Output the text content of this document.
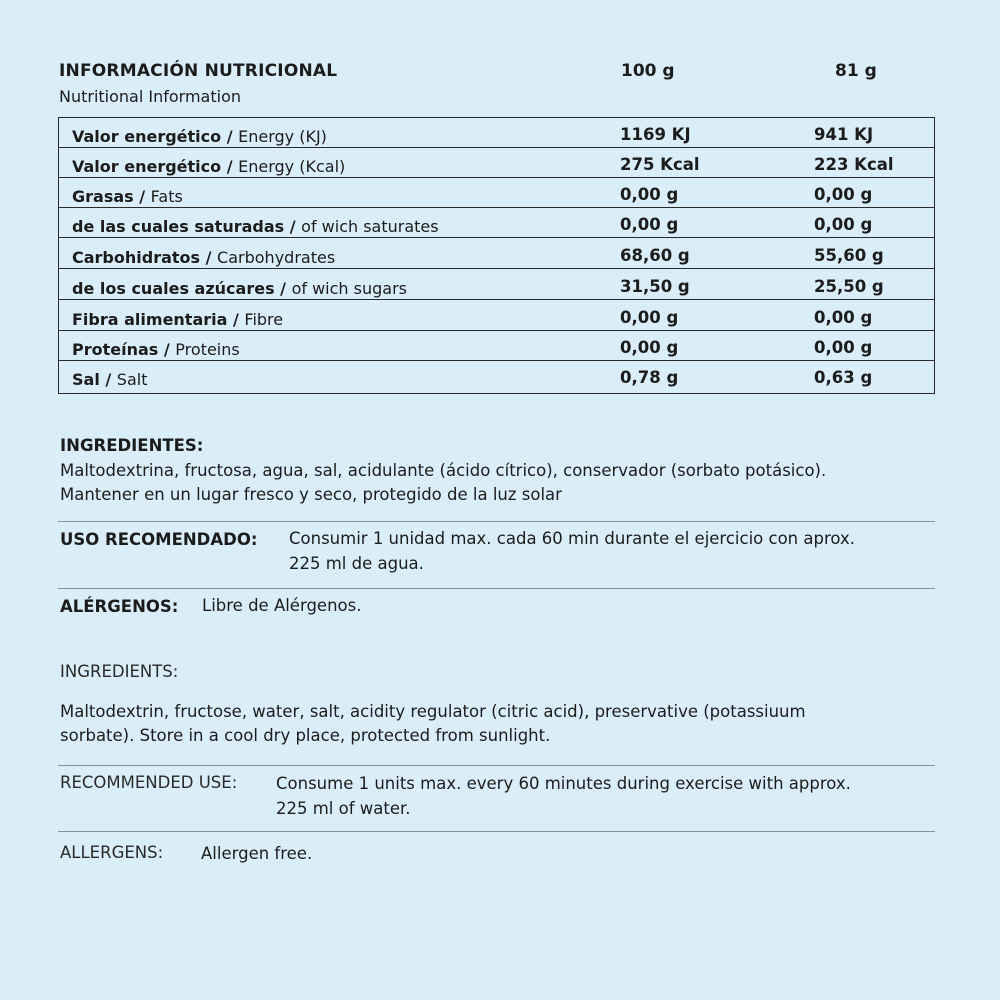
INFORMACIÓN NUTRICIONAL
Nutritional Information
100 g	81 g
Valor energético / Energy (KJ)	1169 KJ	941 KJ
Valor energético / Energy (Kcal)	275 Kcal	223 Kcal
Grasas / Fats	0,00 g	0,00 g
de las cuales saturadas / of wich saturates	0,00 g	0,00 g
Carbohidratos / Carbohydrates	68,60 g	55,60 g
de los cuales azúcares / of wich sugars	31,50 g	25,50 g
Fibra alimentaria / Fibre	0,00 g	0,00 g
Proteínas / Proteins	0,00 g	0,00 g
Sal / Salt	0,78 g	0,63 g
INGREDIENTES:
Maltodextrina, fructosa, agua, sal, acidulante (ácido cítrico), conservador (sorbato potásico).
Mantener en un lugar fresco y seco, protegido de la luz solar
USO RECOMENDADO: Consumir 1 unidad max. cada 60 min durante el ejercicio con aprox.
225 ml de agua.
ALÉRGENOS: Libre de Alérgenos.
INGREDIENTS:
Maltodextrin, fructose, water, salt, acidity regulator (citric acid), preservative (potassiuum
sorbate). Store in a cool dry place, protected from sunlight.
RECOMMENDED USE: Consume 1 units max. every 60 minutes during exercise with approx.
225 ml of water.
ALLERGENS: Allergen free.
